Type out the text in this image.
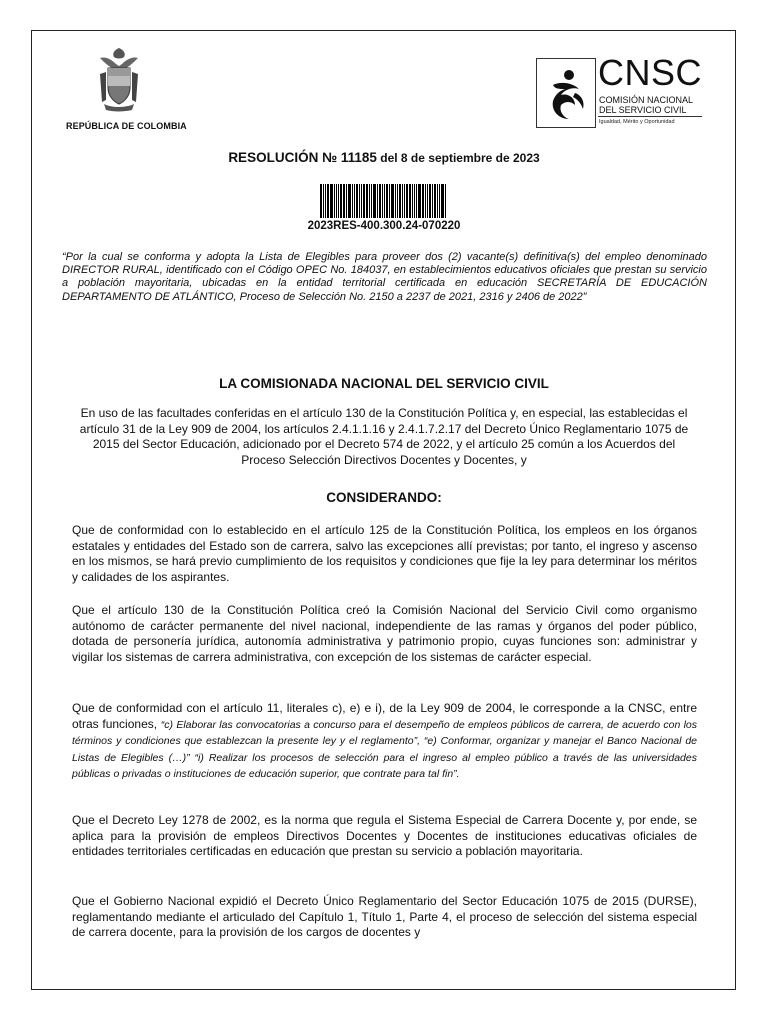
REPÚBLICA DE COLOMBIA
CNSC
COMISIÓN NACIONAL
DEL SERVICIO CIVIL
Igualdad, Mérito y Oportunidad
RESOLUCIÓN № 11185 del 8 de septiembre de 2023
2023RES-400.300.24-070220
“Por la cual se conforma y adopta la Lista de Elegibles para proveer dos (2) vacante(s) definitiva(s) del empleo denominado DIRECTOR RURAL, identificado con el Código OPEC No. 184037, en establecimientos educativos oficiales que prestan su servicio a población mayoritaria, ubicadas en la entidad territorial certificada en educación SECRETARÍA DE EDUCACIÓN DEPARTAMENTO DE ATLÁNTICO, Proceso de Selección No. 2150 a 2237 de 2021, 2316 y 2406 de 2022”
LA COMISIONADA NACIONAL DEL SERVICIO CIVIL
En uso de las facultades conferidas en el artículo 130 de la Constitución Política y, en especial, las establecidas el artículo 31 de la Ley 909 de 2004, los artículos 2.4.1.1.16 y 2.4.1.7.2.17 del Decreto Único Reglamentario 1075 de 2015 del Sector Educación, adicionado por el Decreto 574 de 2022, y el artículo 25 común a los Acuerdos del Proceso Selección Directivos Docentes y Docentes, y
CONSIDERANDO:
Que de conformidad con lo establecido en el artículo 125 de la Constitución Política, los empleos en los órganos estatales y entidades del Estado son de carrera, salvo las excepciones allí previstas; por tanto, el ingreso y ascenso en los mismos, se hará previo cumplimiento de los requisitos y condiciones que fije la ley para determinar los méritos y calidades de los aspirantes.
Que el artículo 130 de la Constitución Política creó la Comisión Nacional del Servicio Civil como organismo autónomo de carácter permanente del nivel nacional, independiente de las ramas y órganos del poder público, dotada de personería jurídica, autonomía administrativa y patrimonio propio, cuyas funciones son: administrar y vigilar los sistemas de carrera administrativa, con excepción de los sistemas de carácter especial.
Que de conformidad con el artículo 11, literales c), e) e i), de la Ley 909 de 2004, le corresponde a la CNSC, entre otras funciones, “c) Elaborar las convocatorias a concurso para el desempeño de empleos públicos de carrera, de acuerdo con los términos y condiciones que establezcan la presente ley y el reglamento”, “e) Conformar, organizar y manejar el Banco Nacional de Listas de Elegibles (…)” “i) Realizar los procesos de selección para el ingreso al empleo público a través de las universidades públicas o privadas o instituciones de educación superior, que contrate para tal fin”.
Que el Decreto Ley 1278 de 2002, es la norma que regula el Sistema Especial de Carrera Docente y, por ende, se aplica para la provisión de empleos Directivos Docentes y Docentes de instituciones educativas oficiales de entidades territoriales certificadas en educación que prestan su servicio a población mayoritaria.
Que el Gobierno Nacional expidió el Decreto Único Reglamentario del Sector Educación 1075 de 2015 (DURSE), reglamentando mediante el articulado del Capítulo 1, Título 1, Parte 4, el proceso de selección del sistema especial de carrera docente, para la provisión de los cargos de docentes y
